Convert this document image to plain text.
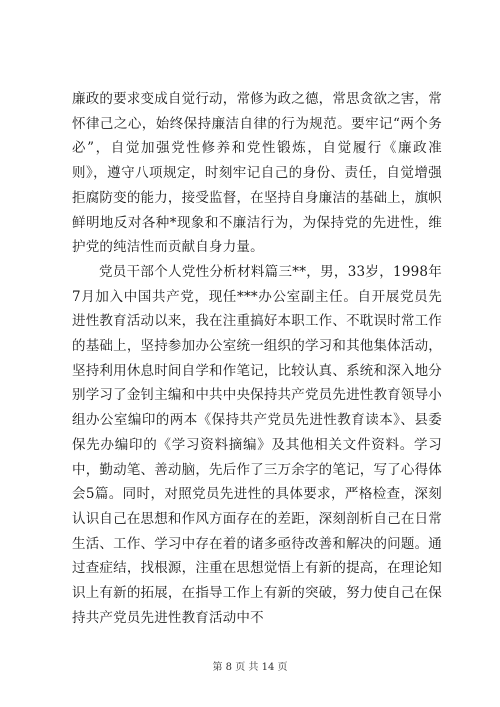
廉政的要求变成自觉行动，常修为政之德，常思贪欲之害，常怀律己之心，始终保持廉洁自律的行为规范。要牢记“两个务必”，自觉加强党性修养和党性锻炼，自觉履行《廉政准则》，遵守八项规定，时刻牢记自己的身份、责任，自觉增强拒腐防变的能力，接受监督，在坚持自身廉洁的基础上，旗帜鲜明地反对各种*现象和不廉洁行为，为保持党的先进性，维护党的纯洁性而贡献自身力量。

党员干部个人党性分析材料篇三**，男，33岁，1998年7月加入中国共产党，现任***办公室副主任。自开展党员先进性教育活动以来，我在注重搞好本职工作、不耽误时常工作的基础上，坚持参加办公室统一组织的学习和其他集体活动，坚持利用休息时间自学和作笔记，比较认真、系统和深入地分别学习了金钊主编和中共中央保持共产党员先进性教育领导小组办公室编印的两本《保持共产党员先进性教育读本》、县委保先办编印的《学习资料摘编》及其他相关文件资料。学习中，勤动笔、善动脑，先后作了三万余字的笔记，写了心得体会5篇。同时，对照党员先进性的具体要求，严格检查，深刻认识自己在思想和作风方面存在的差距，深刻剖析自己在日常生活、工作、学习中存在着的诸多亟待改善和解决的问题。通过查症结，找根源，注重在思想觉悟上有新的提高，在理论知识上有新的拓展，在指导工作上有新的突破，努力使自己在保持共产党员先进性教育活动中不

第 8 页 共 14 页
